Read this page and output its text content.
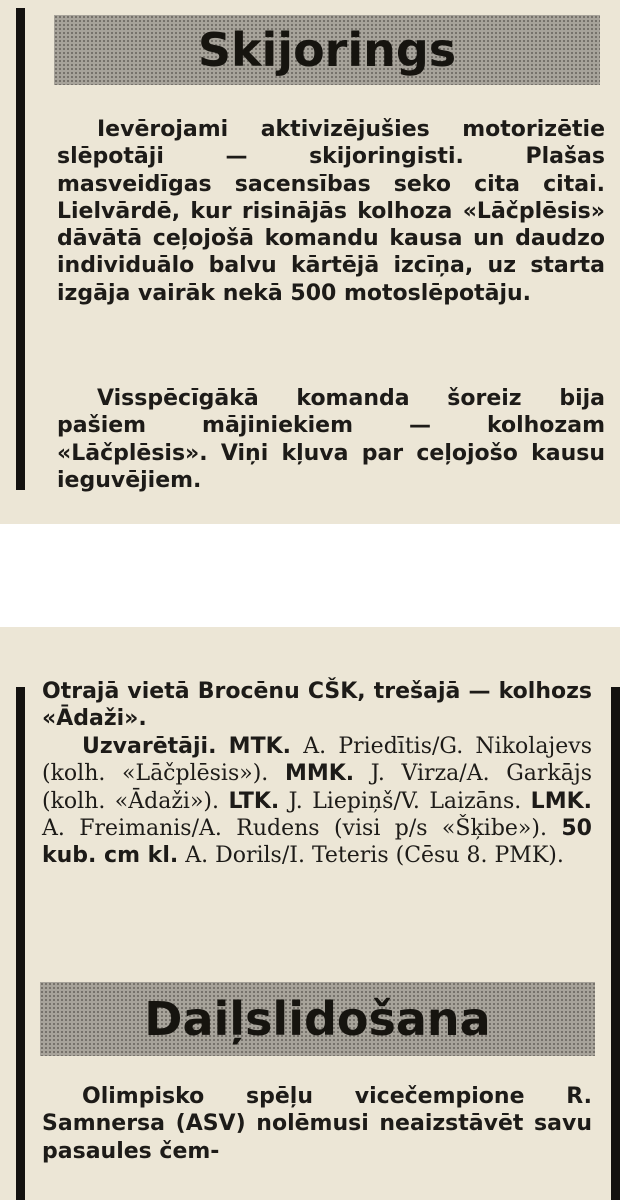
Skijorings

Ievērojami aktivizējušies motorizētie slēpotāji — skijoringisti. Plašas masveidīgas sacensības seko cita citai. Lielvārdē, kur risinājās kolhoza «Lāčplēsis» dāvātā ceļojošā komandu kausa un daudzo individuālo balvu kārtējā izcīņa, uz starta izgāja vairāk nekā 500 motoslēpotāju.

Visspēcīgākā komanda šoreiz bija pašiem mājiniekiem — kolhozam «Lāčplēsis». Viņi kļuva par ceļojošo kausu ieguvējiem.

Otrajā vietā Brocēnu CŠK, trešajā — kolhozs «Ādaži».

Uzvarētāji. MTK. A. Priedītis/G. Nikolajevs (kolh. «Lāčplēsis»). MMK. J. Virza/A. Garkājs (kolh. «Ādaži»). LTK. J. Liepiņš/V. Laizāns. LMK. A. Freimanis/A. Rudens (visi p/s «Šķibe»). 50 kub. cm kl. A. Dorils/I. Teteris (Cēsu 8. PMK).

Daiļslidošana

Olimpisko spēļu vicečempione R. Samnersa (ASV) nolēmusi neaizstāvēt savu pasaules čem-
